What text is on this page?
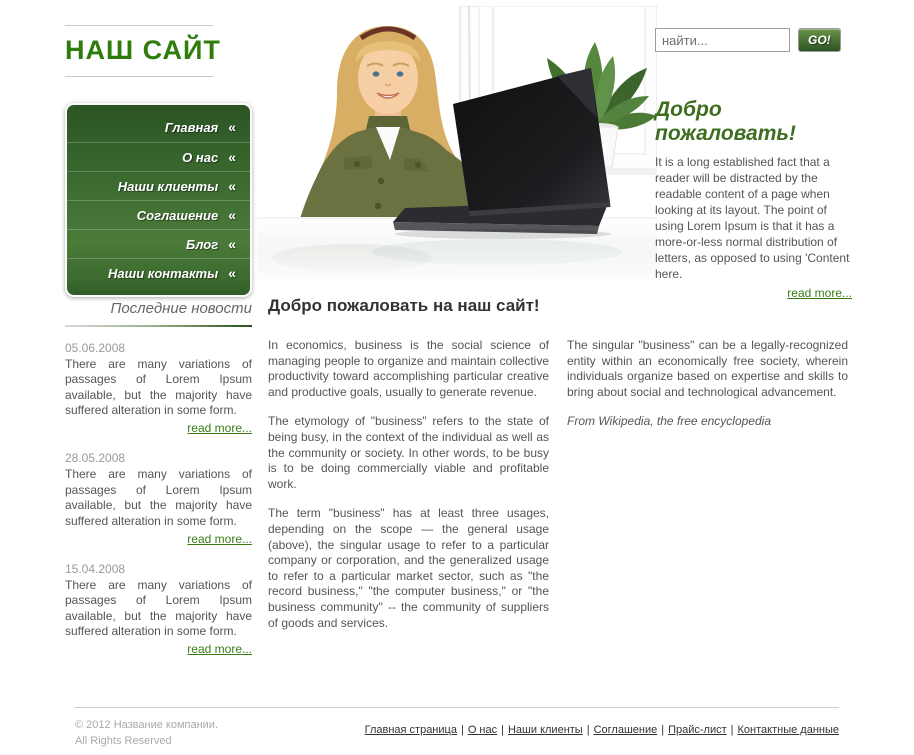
НАШ САЙТ
Главная «
О нас «
Наши клиенты «
Соглашение «
Блог «
Наши контакты «
Последние новости
05.06.2008
There are many variations of passages of Lorem Ipsum available, but the majority have suffered alteration in some form.
read more...
28.05.2008
There are many variations of passages of Lorem Ipsum available, but the majority have suffered alteration in some form.
read more...
15.04.2008
There are many variations of passages of Lorem Ipsum available, but the majority have suffered alteration in some form.
read more...
найти...
GO!
Добро пожаловать!

It is a long established fact that a reader will be distracted by the readable content of a page when looking at its layout. The point of using Lorem Ipsum is that it has a more-or-less normal distribution of letters, as opposed to using 'Content here.

read more...
Добро пожаловать на наш сайт!

In economics, business is the social science of managing people to organize and maintain collective productivity toward accomplishing particular creative and productive goals, usually to generate revenue.

The etymology of "business" refers to the state of being busy, in the context of the individual as well as the community or society. In other words, to be busy is to be doing commercially viable and profitable work.

The term "business" has at least three usages, depending on the scope — the general usage (above), the singular usage to refer to a particular company or corporation, and the generalized usage to refer to a particular market sector, such as "the record business," "the computer business," or "the business community" -- the community of suppliers of goods and services.

The singular "business" can be a legally-recognized entity within an economically free society, wherein individuals organize based on expertise and skills to bring about social and technological advancement.

From Wikipedia, the free encyclopedia

© 2012 Название компании.
All Rights Reserved
Главная страница | О нас | Наши клиенты | Соглашение | Прайс-лист | Контактные данные
